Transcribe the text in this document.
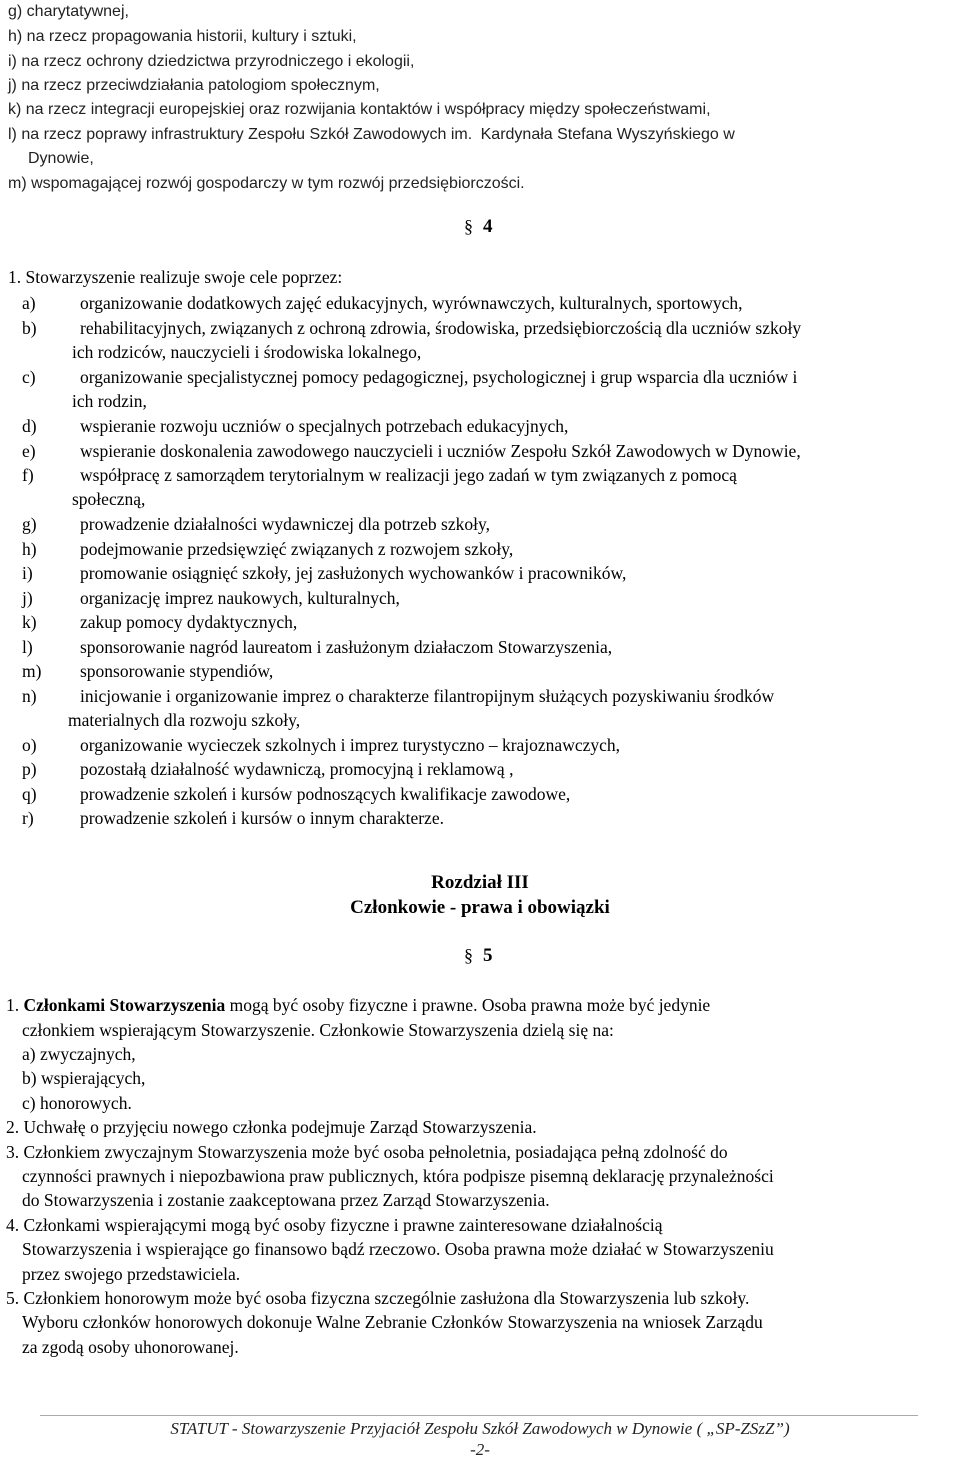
g) charytatywnej,
h) na rzecz propagowania historii, kultury i sztuki,
i) na rzecz ochrony dziedzictwa przyrodniczego i ekologii,
j) na rzecz przeciwdziałania patologiom społecznym,
k) na rzecz integracji europejskiej oraz rozwijania kontaktów i współpracy między społeczeństwami,
l) na rzecz poprawy infrastruktury Zespołu Szkół Zawodowych im. Kardynała Stefana Wyszyńskiego w
Dynowie,
m) wspomagającej rozwój gospodarczy w tym rozwój przedsiębiorczości.
§ 4
1. Stowarzyszenie realizuje swoje cele poprzez:
a)	organizowanie dodatkowych zajęć edukacyjnych, wyrównawczych, kulturalnych, sportowych,
b) rehabilitacyjnych, związanych z ochroną zdrowia, środowiska, przedsiębiorczością dla uczniów szkoły
ich rodziców, nauczycieli i środowiska lokalnego,
c)	organizowanie specjalistycznej pomocy pedagogicznej, psychologicznej i grup wsparcia dla uczniów i
ich rodzin,
d) wspieranie rozwoju uczniów o specjalnych potrzebach edukacyjnych,
e)	wspieranie doskonalenia zawodowego nauczycieli i uczniów Zespołu Szkół Zawodowych w Dynowie,
f)	współpracę z samorządem terytorialnym w realizacji jego zadań w tym związanych z pomocą
społeczną,
g) prowadzenie działalności wydawniczej dla potrzeb szkoły,
h) podejmowanie przedsięwzięć związanych z rozwojem szkoły,
i)	promowanie osiągnięć szkoły, jej zasłużonych wychowanków i pracowników,
j)	organizację imprez naukowych, kulturalnych,
k) zakup pomocy dydaktycznych,
l)	sponsorowanie nagród laureatom i zasłużonym działaczom Stowarzyszenia,
m) sponsorowanie stypendiów,
n) inicjowanie i organizowanie imprez o charakterze filantropijnym służących pozyskiwaniu środków
materialnych dla rozwoju szkoły,
o) organizowanie wycieczek szkolnych i imprez turystyczno – krajoznawczych,
p) pozostałą działalność wydawniczą, promocyjną i reklamową ,
q) prowadzenie szkoleń i kursów podnoszących kwalifikacje zawodowe,
r)	prowadzenie szkoleń i kursów o innym charakterze.
Rozdział III
Członkowie - prawa i obowiązki
§ 5
1. Członkami Stowarzyszenia mogą być osoby fizyczne i prawne. Osoba prawna może być jedynie
członkiem wspierającym Stowarzyszenie. Członkowie Stowarzyszenia dzielą się na:
a) zwyczajnych,
b) wspierających,
c) honorowych.
2. Uchwałę o przyjęciu nowego członka podejmuje Zarząd Stowarzyszenia.
3. Członkiem zwyczajnym Stowarzyszenia może być osoba pełnoletnia, posiadająca pełną zdolność do
czynności prawnych i niepozbawiona praw publicznych, która podpisze pisemną deklarację przynależności
do Stowarzyszenia i zostanie zaakceptowana przez Zarząd Stowarzyszenia.
4. Członkami wspierającymi mogą być osoby fizyczne i prawne zainteresowane działalnością
Stowarzyszenia i wspierające go finansowo bądź rzeczowo. Osoba prawna może działać w Stowarzyszeniu
przez swojego przedstawiciela.
5. Członkiem honorowym może być osoba fizyczna szczególnie zasłużona dla Stowarzyszenia lub szkoły.
Wyboru członków honorowych dokonuje Walne Zebranie Członków Stowarzyszenia na wniosek Zarządu
za zgodą osoby uhonorowanej.
STATUT - Stowarzyszenie Przyjaciół Zespołu Szkół Zawodowych w Dynowie ( „SP-ZSzZ”)
-2-
